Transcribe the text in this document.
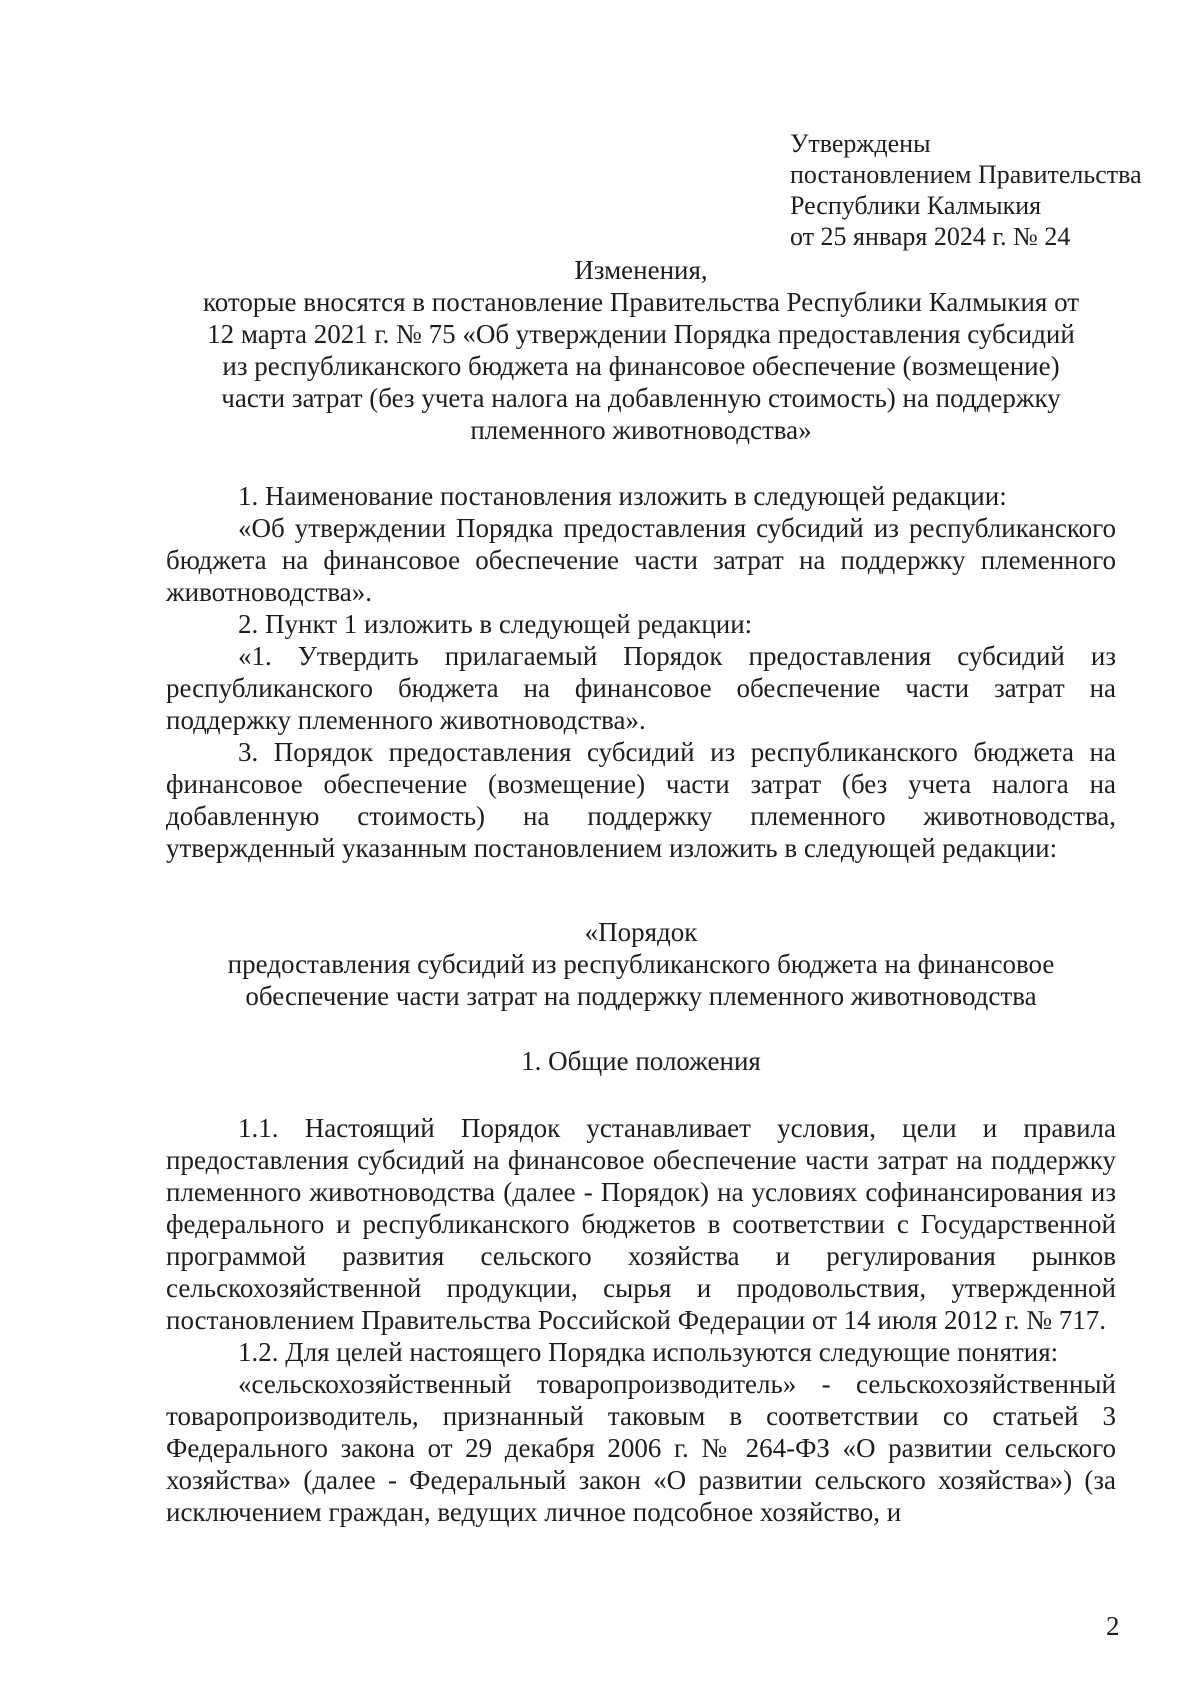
Утверждены
постановлением Правительства
Республики Калмыкия
от 25 января 2024 г. № 24
Изменения,
которые вносятся в постановление Правительства Республики Калмыкия от
12 марта 2021 г. № 75 «Об утверждении Порядка предоставления субсидий
из республиканского бюджета на финансовое обеспечение (возмещение)
части затрат (без учета налога на добавленную стоимость) на поддержку
племенного животноводства»

1. Наименование постановления изложить в следующей редакции:

«Об утверждении Порядка предоставления субсидий из республиканского бюджета на финансовое обеспечение части затрат на поддержку племенного животноводства».

2. Пункт 1 изложить в следующей редакции:

«1. Утвердить прилагаемый Порядок предоставления субсидий из республиканского бюджета на финансовое обеспечение части затрат на поддержку племенного животноводства».

3. Порядок предоставления субсидий из республиканского бюджета на финансовое обеспечение (возмещение) части затрат (без учета налога на добавленную стоимость) на поддержку племенного животноводства, утвержденный указанным постановлением изложить в следующей редакции:

«Порядок
предоставления субсидий из республиканского бюджета на финансовое
обеспечение части затрат на поддержку племенного животноводства
1. Общие положения

1.1. Настоящий Порядок устанавливает условия, цели и правила предоставления субсидий на финансовое обеспечение части затрат на поддержку племенного животноводства (далее - Порядок) на условиях софинансирования из федерального и республиканского бюджетов в соответствии с Государственной программой развития сельского хозяйства и регулирования рынков сельскохозяйственной продукции, сырья и продовольствия, утвержденной постановлением Правительства Российской Федерации от 14 июля 2012 г. № 717.

1.2. Для целей настоящего Порядка используются следующие понятия:

«сельскохозяйственный товаропроизводитель» - сельскохозяйственный товаропроизводитель, признанный таковым в соответствии со статьей 3 Федерального закона от 29 декабря 2006 г. № 264-ФЗ «О развитии сельского хозяйства» (далее - Федеральный закон «О развитии сельского хозяйства») (за исключением граждан, ведущих личное подсобное хозяйство, и

2
